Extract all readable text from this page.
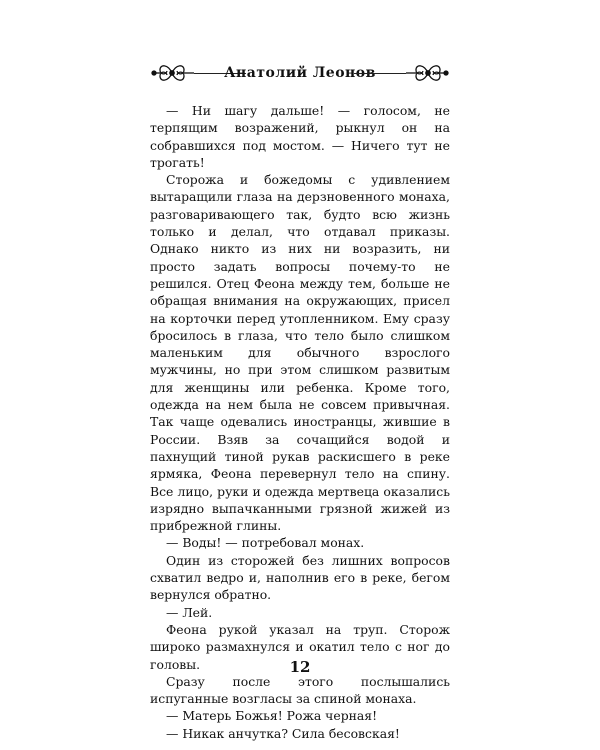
Анатолий Леонов

— Ни шагу дальше! — голосом, не терпящим возражений, рыкнул он на собравшихся под мостом. — Ничего тут не трогать!

Сторожа и божедомы с удивлением вытаращили глаза на дерзновенного монаха, разговаривающего так, будто всю жизнь только и делал, что отдавал приказы. Однако никто из них ни возразить, ни просто задать вопросы почему-то не решился. Отец Феона между тем, больше не обращая внимания на окружающих, присел на корточки перед утопленником. Ему сразу бросилось в глаза, что тело было слишком маленьким для обычного взрослого мужчины, но при этом слишком развитым для женщины или ребенка. Кроме того, одежда на нем была не совсем привычная. Так чаще одевались иностранцы, жившие в России. Взяв за сочащийся водой и пахнущий тиной рукав раскисшего в реке ярмяка, Феона перевернул тело на спину. Все лицо, руки и одежда мертвеца оказались изрядно выпачканными грязной жижей из прибрежной глины.

— Воды! — потребовал монах.

Один из сторожей без лишних вопросов схватил ведро и, наполнив его в реке, бегом вернулся обратно.

— Лей.

Феона рукой указал на труп. Сторож широко размахнулся и окатил тело с ног до головы.

Сразу после этого послышались испуганные возгласы за спиной монаха.

— Матерь Божья! Рожа черная!

— Никак анчутка? Сила бесовская!

12
